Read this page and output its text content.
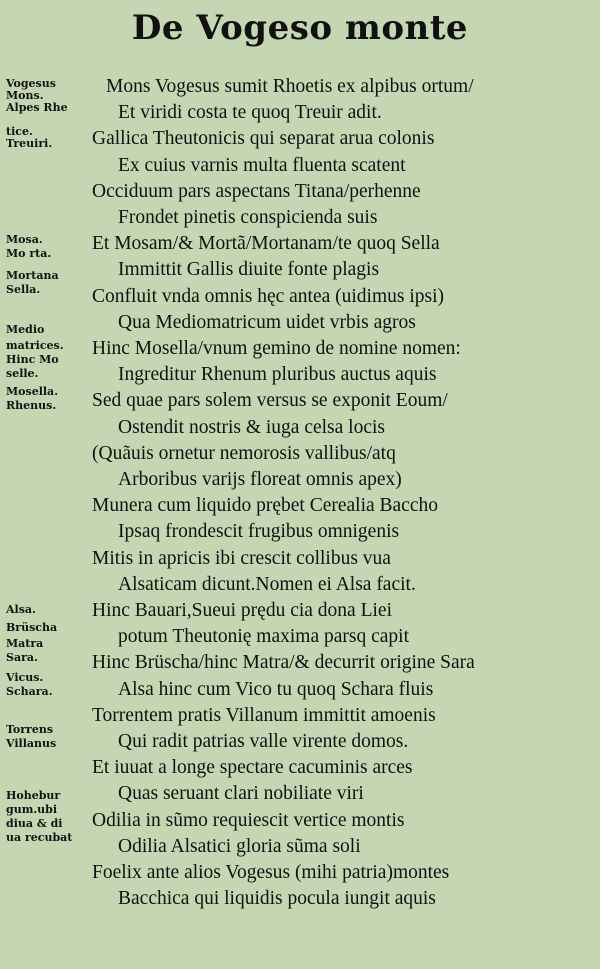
De Vogeso monte
Vogesus
Mons.
Alpes Rhe
tice.
Treuiri.
Mosa.
Mo rta.
Mortana
Sella.
Medio
matrices.
Hinc Mo
selle.
Mosella.
Rhenus.
Alsa.
Brüscha
Matra
Sara.
Vicus.
Schara.
Torrens
Villanus
Hohebur
gum.ubi
diua & di
ua recubat
Mons Vogesus sumit Rhoetis ex alpibus ortum/
Et viridi costa te quoq Treuir adit.
Gallica Theutonicis qui separat arua colonis
Ex cuius varnis multa fluenta scatent
Occiduum pars aspectans Titana/perhenne
Frondet pinetis conspicienda suis
Et Mosam/& Mortã/Mortanam/te quoq Sella
Immittit Gallis diuite fonte plagis
Confluit vnda omnis hęc antea (uidimus ipsi)
Qua Mediomatricum uidet vrbis agros
Hinc Mosella/vnum gemino de nomine nomen:
Ingreditur Rhenum pluribus auctus aquis
Sed quae pars solem versus se exponit Eoum/
Ostendit nostris & iuga celsa locis
(Quãuis ornetur nemorosis vallibus/atq
Arboribus varijs floreat omnis apex)
Munera cum liquido prębet Cerealia Baccho
Ipsaq frondescit frugibus omnigenis
Mitis in apricis ibi crescit collibus vua
Alsaticam dicunt.Nomen ei Alsa facit.
Hinc Bauari,Sueui prędu cia dona Liei
potum Theutonię maxima parsq capit
Hinc Brüscha/hinc Matra/& decurrit origine Sara
Alsa hinc cum Vico tu quoq Schara fluis
Torrentem pratis Villanum immittit amoenis
Qui radit patrias valle virente domos.
Et iuuat a longe spectare cacuminis arces
Quas seruant clari nobiliate viri
Odilia in sũmo requiescit vertice montis
Odilia Alsatici gloria sũma soli
Foelix ante alios Vogesus (mihi patria)montes
Bacchica qui liquidis pocula iungit aquis
